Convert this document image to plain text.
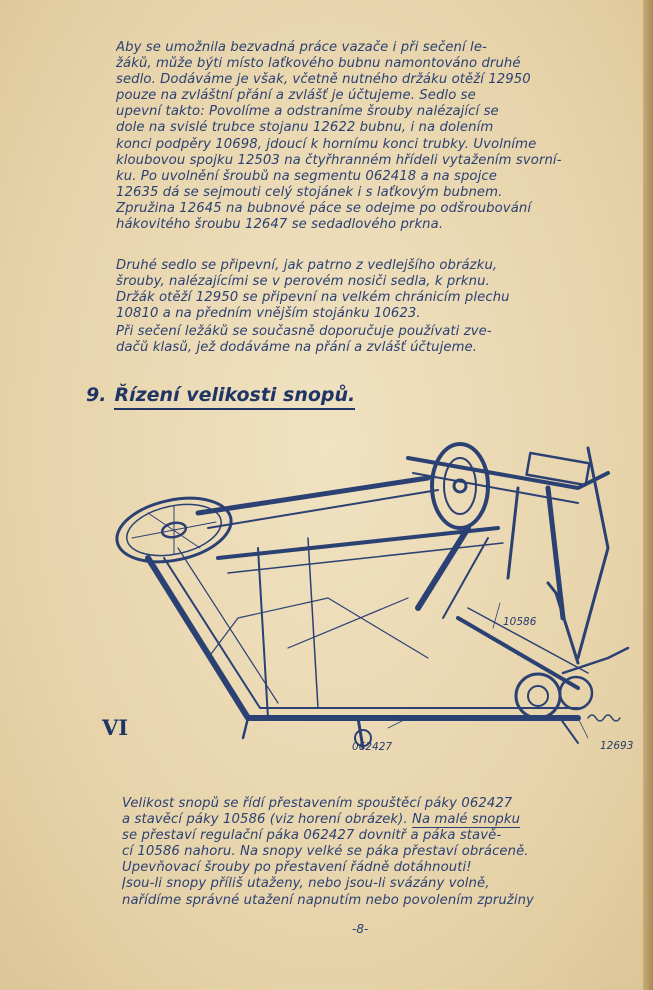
Aby se umožnila bezvadná práce vazače i při sečení le-
žáků, může býti místo laťkového bubnu namontováno druhé
sedlo. Dodáváme je však, včetně nutného držáku otěží 12950
pouze na zvláštní přání a zvlášť je účtujeme. Sedlo se
upevní takto: Povolíme a odstraníme šrouby nalézající se
dole na svislé trubce stojanu 12622 bubnu, i na dolením
konci podpěry 10698, jdoucí k hornímu konci trubky. Uvolníme
kloubovou spojku 12503 na čtyřhranném hřídeli vytažením svorní-
ku. Po uvolnění šroubů na segmentu 062418 a na spojce
12635 dá se sejmouti celý stojánek i s laťkovým bubnem.
Zpružina 12645 na bubnové páce se odejme po odšroubování
hákovitého šroubu 12647 se sedadlového prkna.
Druhé sedlo se připevní, jak patrno z vedlejšího obrázku,
šrouby, nalézajícími se v perovém nosiči sedla, k prknu.
Držák otěží 12950 se připevní na velkém chránicím plechu
10810 a na předním vnějším stojánku 10623.
Při sečení ležáků se současně doporučuje používati zve-
dačů klasů, jež dodáváme na přání a zvlášť účtujeme.
9. Řízení velikosti snopů.
10586
062427	12693
VI
Velikost snopů se řídí přestavením spouštěcí páky 062427
a stavěcí páky 10586 (viz horení obrázek). Na malé snopku
se přestaví regulační páka 062427 dovnitř a páka stavě-
cí 10586 nahoru. Na snopy velké se páka přestaví obráceně.
Upevňovací šrouby po přestavení řádně dotáhnouti!
Jsou-li snopy příliš utaženy, nebo jsou-li svázány volně,
nařídíme správné utažení napnutím nebo povolením zpružiny
-8-
